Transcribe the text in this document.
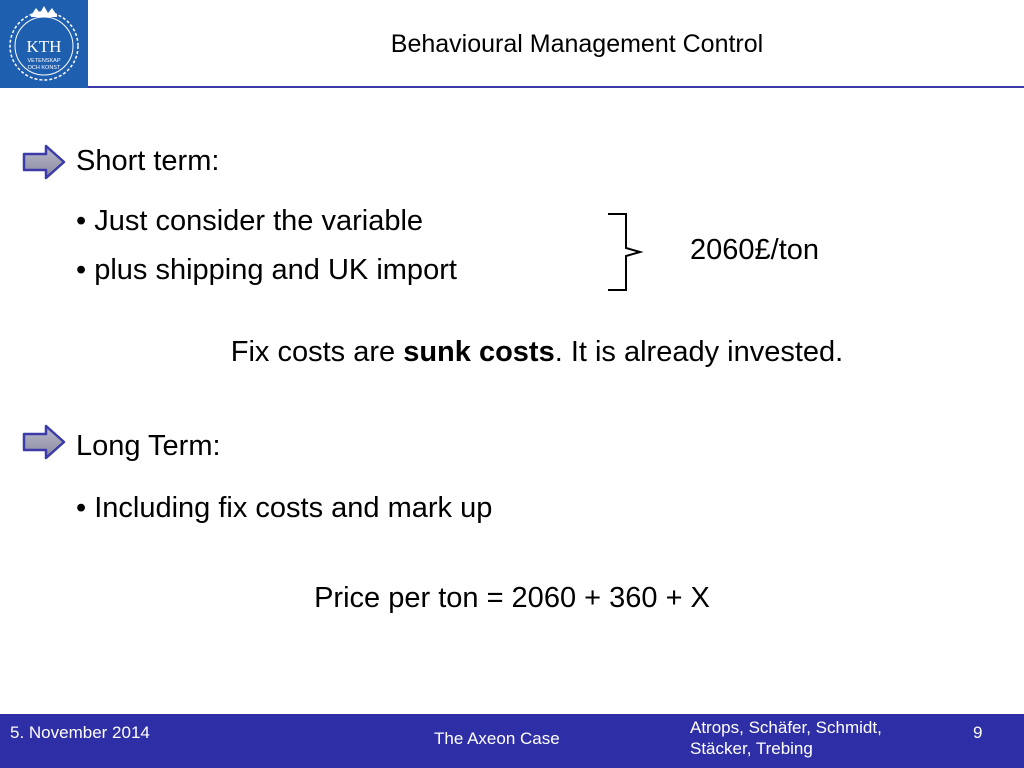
KTH
VETENSKAP
OCH KONST
Behavioural Management Control
Short term:
• Just consider the variable
• plus shipping and UK import
2060£/ton
Fix costs are sunk costs. It is already invested.
Long Term:
• Including fix costs and mark up
Price per ton = 2060 + 360 + X
5. November 2014	The Axeon Case
Atrops, Schäfer, Schmidt,
Stäcker, Trebing
9
